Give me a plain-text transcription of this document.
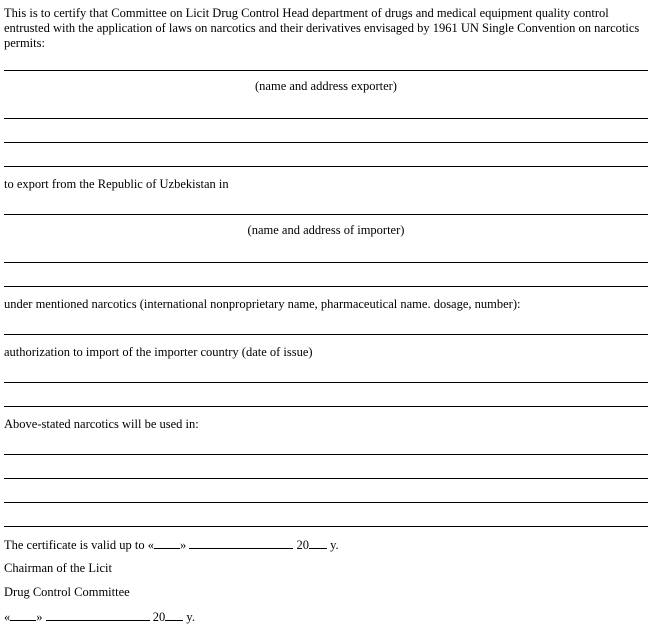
This is to certify that Committee on Licit Drug Control Head department of drugs and medical equipment quality control entrusted with the application of laws on narcotics and their derivatives envisaged by 1961 UN Single Convention on narcotics permits:
(name and address exporter)
to export from the Republic of Uzbekistan in
(name and address of importer)
under mentioned narcotics (international nonproprietary name, pharmaceutical name. dosage, number):
authorization to import of the importer country (date of issue)
Above-stated narcotics will be used in:
The certificate is valid up to « »	20 y.
Chairman of the Licit
Drug Control Committee
« »	20 y.
